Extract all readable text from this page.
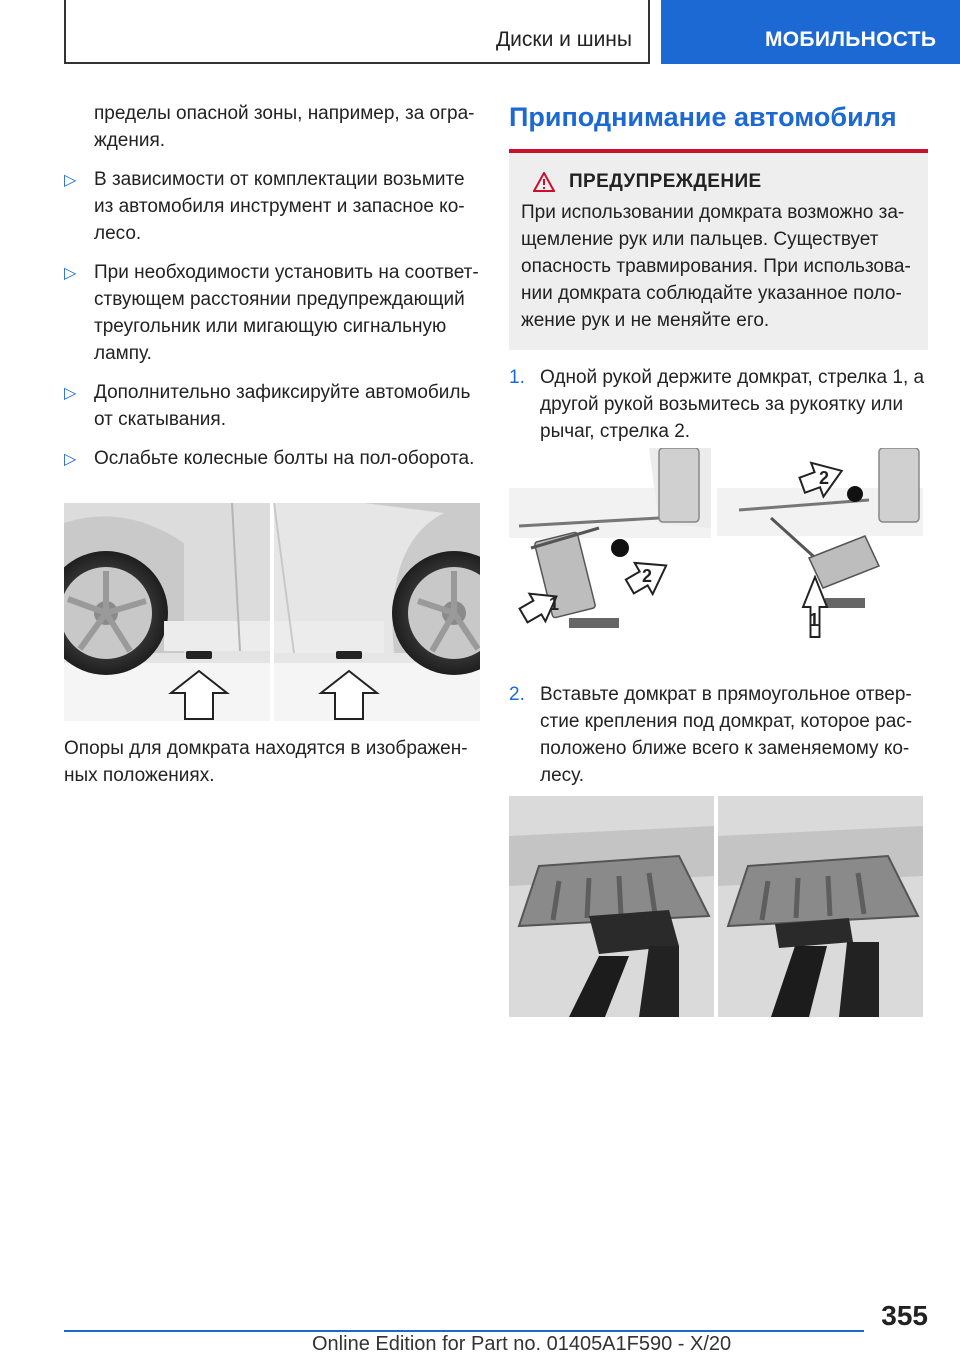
Диски и шины	МОБИЛЬНОСТЬ

пределы опасной зоны, например, за огра-ждения.

▷ В зависимости от комплектации возьмите из автомобиля инструмент и запасное ко-лесо.
▷ При необходимости установить на соответ-ствующем расстоянии предупреждающий треугольник или мигающую сигнальную лампу.
▷ Дополнительно зафиксируйте автомобиль от скатывания.
▷ Ослабьте колесные болты на пол-оборота.

Опоры для домкрата находятся в изображен-ных положениях.

Приподнимание автомобиля
ПРЕДУПРЕЖДЕНИЕ

При использовании домкрата возможно за-щемление рук или пальцев. Существует опасность травмирования. При использова-нии домкрата соблюдайте указанное поло-жение рук и не меняйте его.

1. Одной рукой держите домкрат, стрелка 1, а другой рукой возьмитесь за рукоятку или рычаг, стрелка 2.
1
2
2
1
2. Вставьте домкрат в прямоугольное отвер-стие крепления под домкрат, которое рас-положено ближе всего к заменяемому ко-лесу.
355
Online Edition for Part no. 01405A1F590 - X/20
